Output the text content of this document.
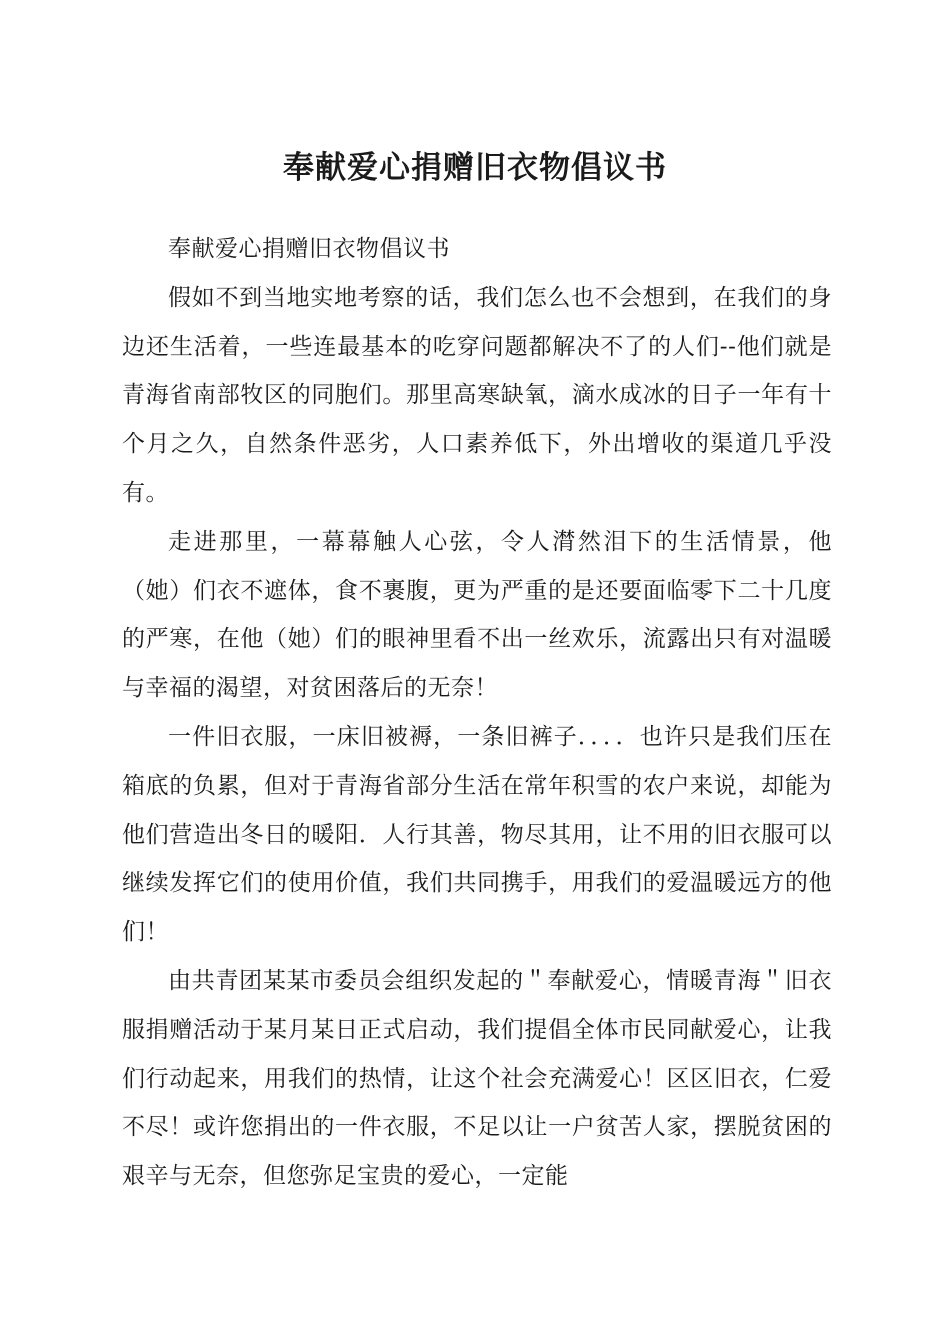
奉献爱心捐赠旧衣物倡议书

奉献爱心捐赠旧衣物倡议书

假如不到当地实地考察的话，我们怎么也不会想到，在我们的身边还生活着，一些连最基本的吃穿问题都解决不了的人们--他们就是青海省南部牧区的同胞们。那里高寒缺氧，滴水成冰的日子一年有十个月之久，自然条件恶劣，人口素养低下，外出增收的渠道几乎没有。

走进那里，一幕幕触人心弦，令人潸然泪下的生活情景，他（她）们衣不遮体，食不裹腹，更为严重的是还要面临零下二十几度的严寒，在他（她）们的眼神里看不出一丝欢乐，流露出只有对温暖与幸福的渴望，对贫困落后的无奈！

一件旧衣服，一床旧被褥，一条旧裤子．．．．也许只是我们压在箱底的负累，但对于青海省部分生活在常年积雪的农户来说，却能为他们营造出冬日的暖阳．人行其善，物尽其用，让不用的旧衣服可以继续发挥它们的使用价值，我们共同携手，用我们的爱温暖远方的他们！

由共青团某某市委员会组织发起的＂奉献爱心，情暖青海＂旧衣服捐赠活动于某月某日正式启动，我们提倡全体市民同献爱心，让我们行动起来，用我们的热情，让这个社会充满爱心！区区旧衣，仁爱不尽！或许您捐出的一件衣服，不足以让一户贫苦人家，摆脱贫困的艰辛与无奈，但您弥足宝贵的爱心，一定能
